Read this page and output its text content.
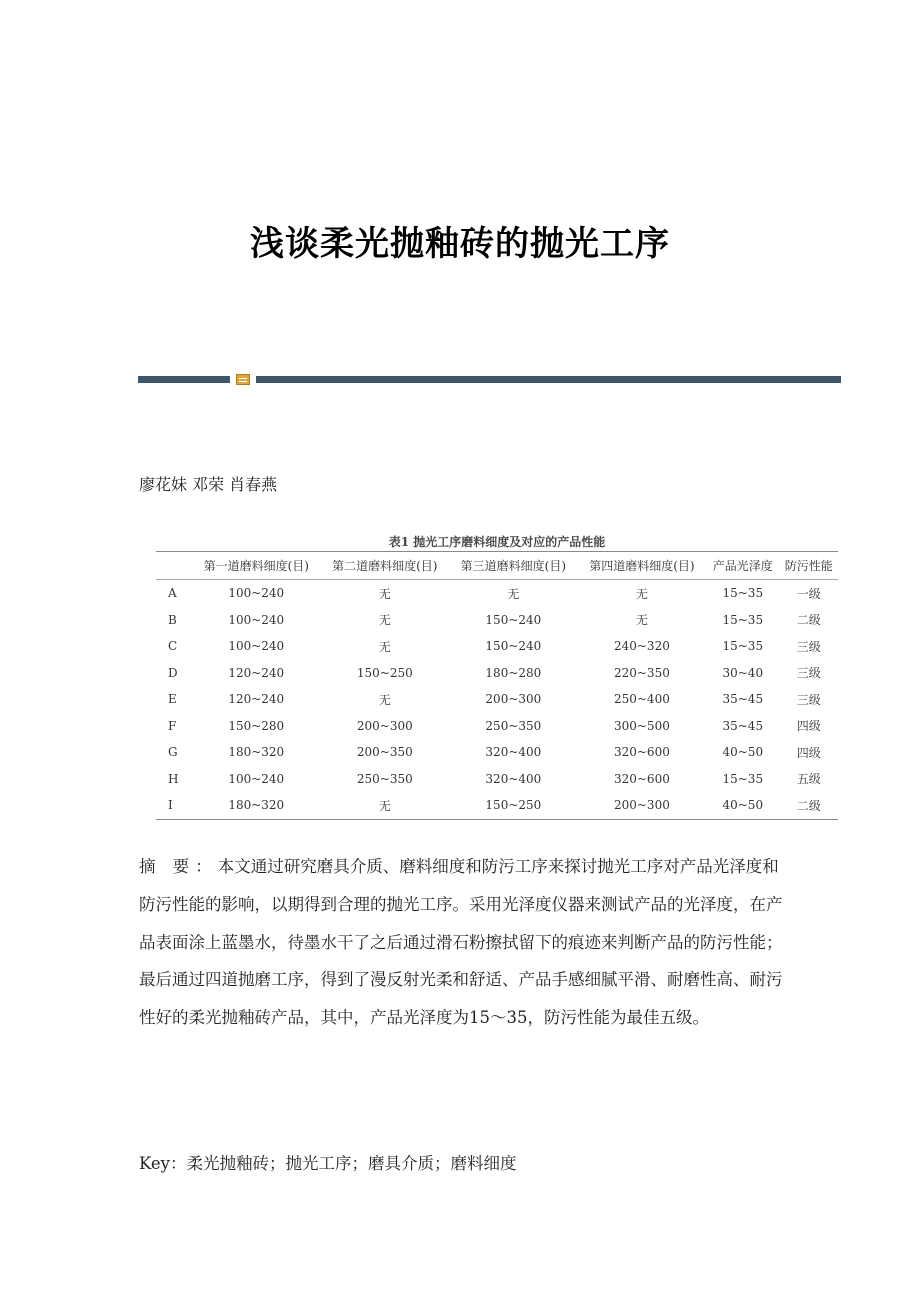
浅谈柔光抛釉砖的抛光工序
廖花妹 邓荣 肖春燕
表1 抛光工序磨料细度及对应的产品性能
	第一道磨料细度(目)	第二道磨料细度(目)	第三道磨料细度(目)	第四道磨料细度(目)	产品光泽度	防污性能
A	100~240	无	无	无	15~35	一级
B	100~240	无	150~240	无	15~35	二级
C	100~240	无	150~240	240~320	15~35	三级
D	120~240	150~250	180~280	220~350	30~40	三级
E	120~240	无	200~300	250~400	35~45	三级
F	150~280	200~300	250~350	300~500	35~45	四级
G	180~320	200~350	320~400	320~600	40~50	四级
H	100~240	250~350	320~400	320~600	15~35	五级
I	180~320	无	150~250	200~300	40~50	二级
摘 要：本文通过研究磨具介质、磨料细度和防污工序来探讨抛光工序对产品光泽度和防污性能的影响，以期得到合理的抛光工序。采用光泽度仪器来测试产品的光泽度，在产品表面涂上蓝墨水，待墨水干了之后通过滑石粉擦拭留下的痕迹来判断产品的防污性能；最后通过四道抛磨工序，得到了漫反射光柔和舒适、产品手感细腻平滑、耐磨性高、耐污性好的柔光抛釉砖产品，其中，产品光泽度为15～35，防污性能为最佳五级。
Key：柔光抛釉砖；抛光工序；磨具介质；磨料细度
